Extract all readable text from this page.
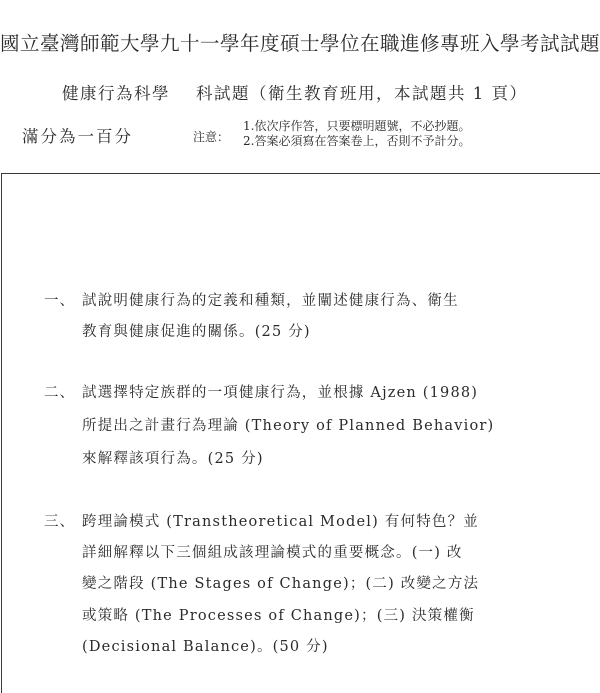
國立臺灣師範大學九十一學年度碩士學位在職進修專班入學考試試題
健康行為科學 科試題（衛生教育班用，本試題共 1 頁）
滿分為一百分	注意：
1.依次序作答，只要標明題號，不必抄題。
2.答案必須寫在答案卷上，否則不予計分。
一、 試說明健康行為的定義和種類，並闡述健康行為、衛生
教育與健康促進的關係。(25 分)
二、 試選擇特定族群的一項健康行為，並根據 Ajzen (1988)
所提出之計畫行為理論 (Theory of Planned Behavior)
來解釋該項行為。(25 分)
三、 跨理論模式 (Transtheoretical Model) 有何特色？並
詳細解釋以下三個組成該理論模式的重要概念。(一) 改
變之階段 (The Stages of Change)；(二) 改變之方法
或策略 (The Processes of Change)；(三) 決策權衡
(Decisional Balance)。(50 分)
